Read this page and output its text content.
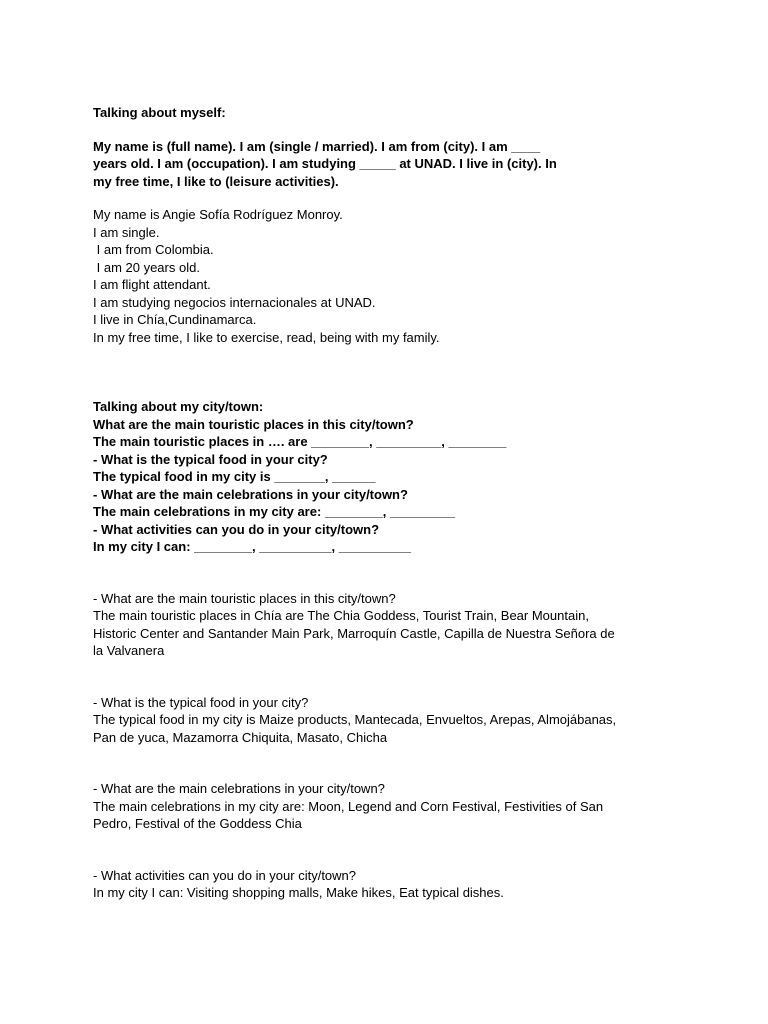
Talking about myself:
My name is (full name). I am (single / married). I am from (city). I am ____
years old. I am (occupation). I am studying _____ at UNAD. I live in (city). In
my free time, I like to (leisure activities).
My name is Angie Sofía Rodríguez Monroy.
I am single.
I am from Colombia.
I am 20 years old.
I am flight attendant.
I am studying negocios internacionales at UNAD.
I live in Chía,Cundinamarca.
In my free time, I like to exercise, read, being with my family.
Talking about my city/town:
What are the main touristic places in this city/town?
The main touristic places in …. are ________, _________, ________
- What is the typical food in your city?
The typical food in my city is _______, ______
- What are the main celebrations in your city/town?
The main celebrations in my city are: ________, _________
- What activities can you do in your city/town?
In my city I can: ________, __________, __________
- What are the main touristic places in this city/town?
The main touristic places in Chía are The Chia Goddess, Tourist Train, Bear Mountain,
Historic Center and Santander Main Park, Marroquín Castle, Capilla de Nuestra Señora de
la Valvanera
- What is the typical food in your city?
The typical food in my city is Maize products, Mantecada, Envueltos, Arepas, Almojábanas,
Pan de yuca, Mazamorra Chiquita, Masato, Chicha
- What are the main celebrations in your city/town?
The main celebrations in my city are: Moon, Legend and Corn Festival, Festivities of San
Pedro, Festival of the Goddess Chia
- What activities can you do in your city/town?
In my city I can: Visiting shopping malls, Make hikes, Eat typical dishes.
